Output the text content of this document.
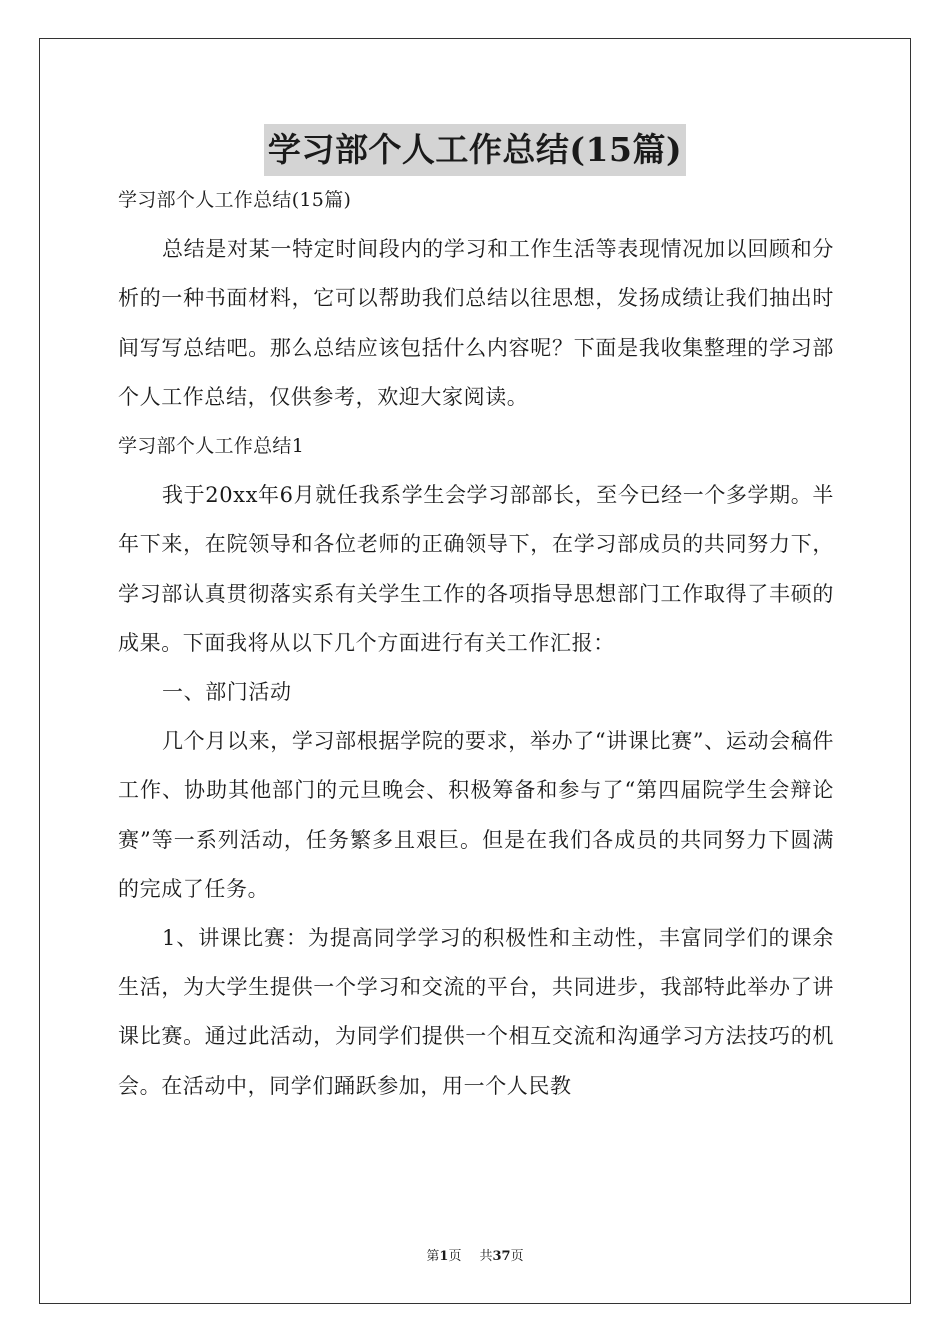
学习部个人工作总结(15篇)

学习部个人工作总结(15篇)

总结是对某一特定时间段内的学习和工作生活等表现情况加以回顾和分析的一种书面材料，它可以帮助我们总结以往思想，发扬成绩让我们抽出时间写写总结吧。那么总结应该包括什么内容呢？下面是我收集整理的学习部个人工作总结，仅供参考，欢迎大家阅读。

学习部个人工作总结1

我于20xx年6月就任我系学生会学习部部长，至今已经一个多学期。半年下来，在院领导和各位老师的正确领导下，在学习部成员的共同努力下，学习部认真贯彻落实系有关学生工作的各项指导思想部门工作取得了丰硕的成果。下面我将从以下几个方面进行有关工作汇报：

一、部门活动

几个月以来，学习部根据学院的要求，举办了“讲课比赛”、运动会稿件工作、协助其他部门的元旦晚会、积极筹备和参与了“第四届院学生会辩论赛”等一系列活动，任务繁多且艰巨。但是在我们各成员的共同努力下圆满的完成了任务。

1、讲课比赛：为提高同学学习的积极性和主动性，丰富同学们的课余生活，为大学生提供一个学习和交流的平台，共同进步，我部特此举办了讲课比赛。通过此活动，为同学们提供一个相互交流和沟通学习方法技巧的机会。在活动中，同学们踊跃参加，用一个人民教

第1页 共37页
